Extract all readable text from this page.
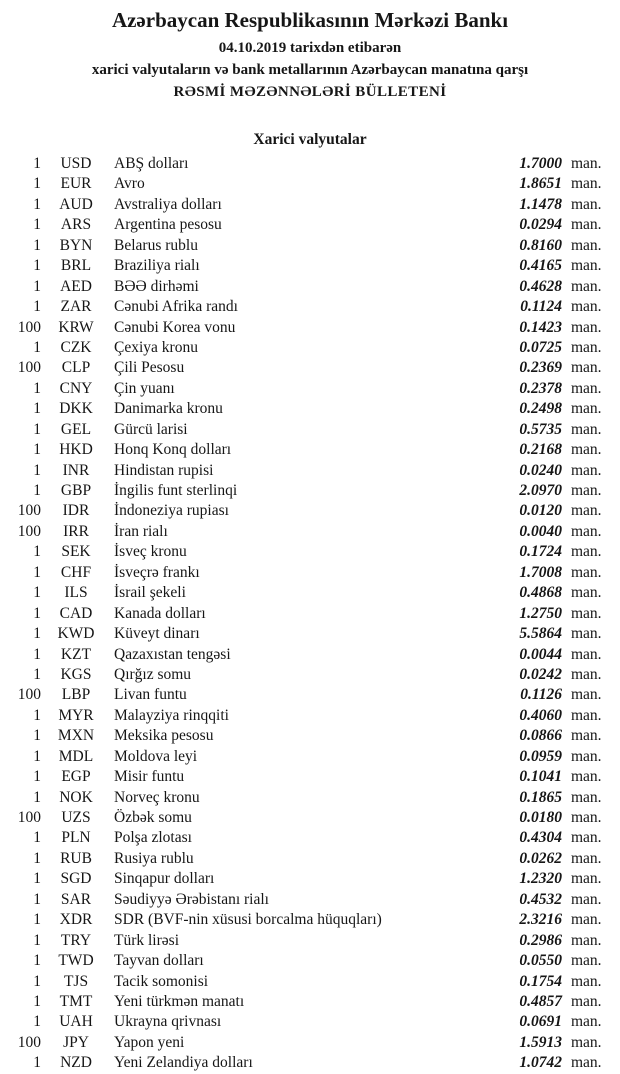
Azərbaycan Respublikasının Mərkəzi Bankı
04.10.2019 tarixdən etibarən
xarici valyutaların və bank metallarının Azərbaycan manatına qarşı
RƏSMİ MƏZƏNNƏLƏRİ BÜLLETENİ
Xarici valyutalar
1	USD	ABŞ dolları	1.7000 man.
1	EUR	Avro	1.8651 man.
1	AUD	Avstraliya dolları	1.1478 man.
1	ARS	Argentina pesosu	0.0294 man.
1	BYN	Belarus rublu	0.8160 man.
1	BRL	Braziliya rialı	0.4165 man.
1	AED	BƏƏ dirhəmi	0.4628 man.
1	ZAR	Cənubi Afrika randı	0.1124 man.
100	KRW	Cənubi Korea vonu	0.1423 man.
1	CZK	Çexiya kronu	0.0725 man.
100	CLP	Çili Pesosu	0.2369 man.
1	CNY	Çin yuanı	0.2378 man.
1	DKK	Danimarka kronu	0.2498 man.
1	GEL	Gürcü larisi	0.5735 man.
1	HKD	Honq Konq dolları	0.2168 man.
1	INR	Hindistan rupisi	0.0240 man.
1	GBP	İngilis funt sterlinqi	2.0970 man.
100	IDR	İndoneziya rupiası	0.0120 man.
100	IRR	İran rialı	0.0040 man.
1	SEK	İsveç kronu	0.1724 man.
1	CHF	İsveçrə frankı	1.7008 man.
1	ILS	İsrail şekeli	0.4868 man.
1	CAD	Kanada dolları	1.2750 man.
1	KWD	Küveyt dinarı	5.5864 man.
1	KZT	Qazaxıstan tengəsi	0.0044 man.
1	KGS	Qırğız somu	0.0242 man.
100	LBP	Livan funtu	0.1126 man.
1	MYR	Malayziya rinqqiti	0.4060 man.
1	MXN	Meksika pesosu	0.0866 man.
1	MDL	Moldova leyi	0.0959 man.
1	EGP	Misir funtu	0.1041 man.
1	NOK	Norveç kronu	0.1865 man.
100	UZS	Özbək somu	0.0180 man.
1	PLN	Polşa zlotası	0.4304 man.
1	RUB	Rusiya rublu	0.0262 man.
1	SGD	Sinqapur dolları	1.2320 man.
1	SAR	Səudiyyə Ərəbistanı rialı	0.4532 man.
1	XDR	SDR (BVF-nin xüsusi borcalma hüquqları)	2.3216 man.
1	TRY	Türk lirəsi	0.2986 man.
1	TWD	Tayvan dolları	0.0550 man.
1	TJS	Tacik somonisi	0.1754 man.
1	TMT	Yeni türkmən manatı	0.4857 man.
1	UAH	Ukrayna qrivnası	0.0691 man.
100	JPY	Yapon yeni	1.5913 man.
1	NZD	Yeni Zelandiya dolları	1.0742 man.
